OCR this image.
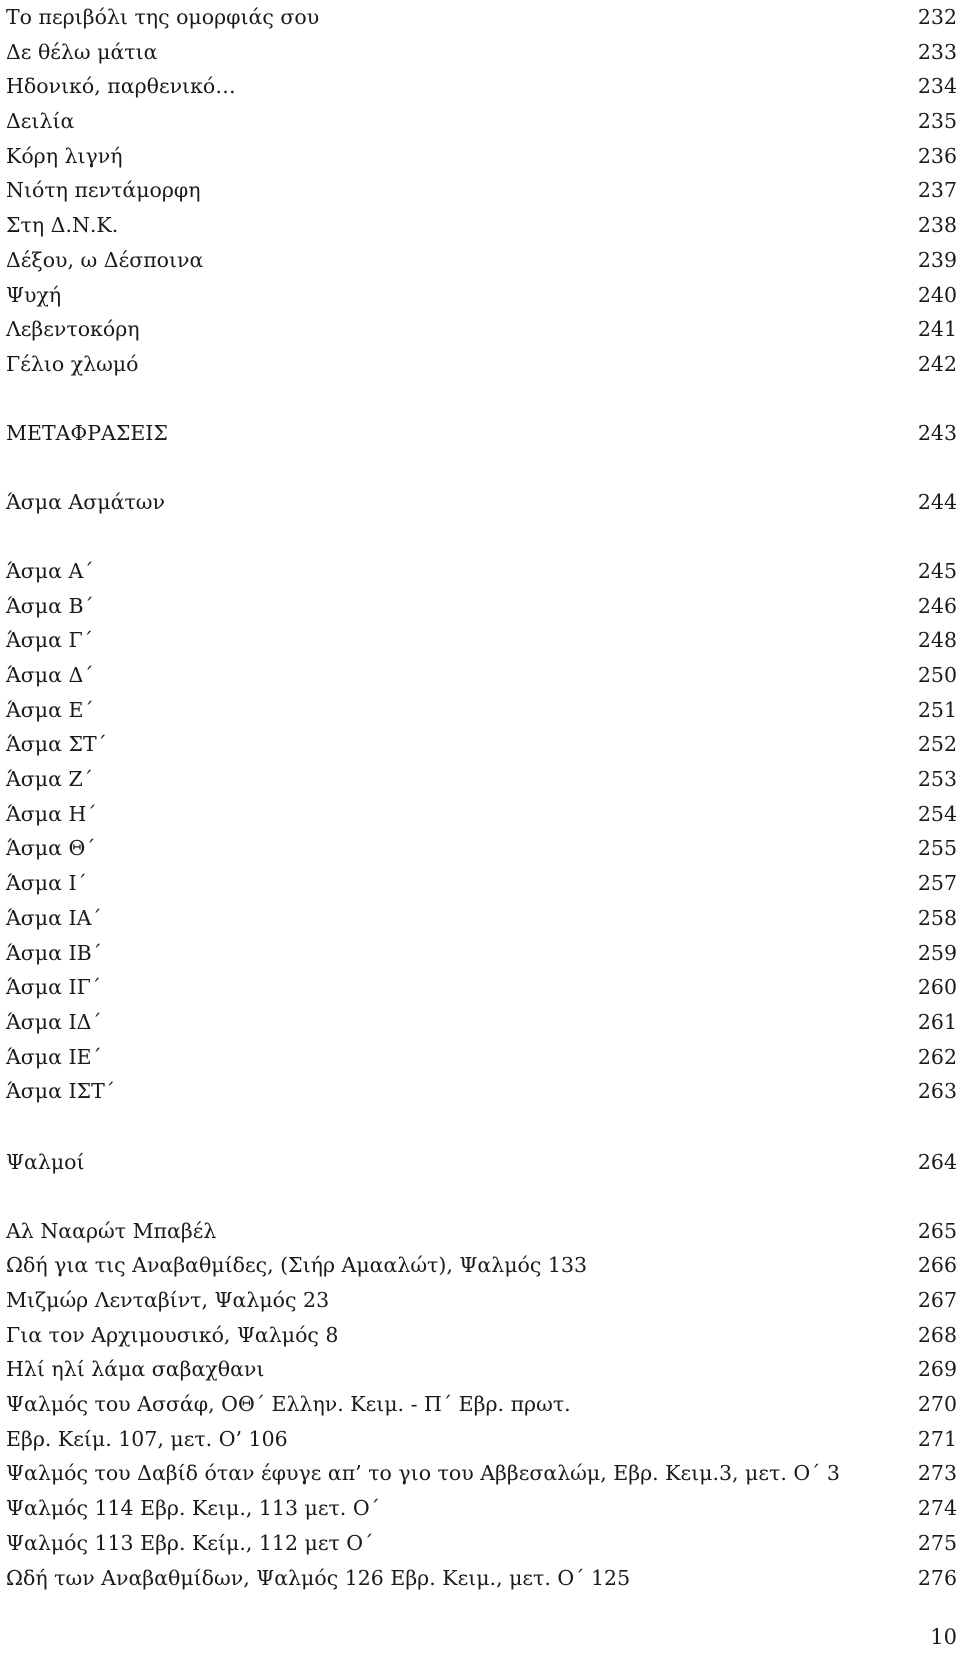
Το περιβόλι της ομορφιάς σου	232
Δε θέλω μάτια	233
Ηδονικό, παρθενικό…	234
Δειλία	235
Κόρη λιγνή	236
Νιότη πεντάμορφη	237
Στη Δ.Ν.Κ.	238
Δέξου, ω Δέσποινα	239
Ψυχή	240
Λεβεντοκόρη	241
Γέλιο χλωμό	242
ΜΕΤΑΦΡΑΣΕΙΣ	243
Άσμα Ασμάτων	244
Άσμα Α΄	245
Άσμα Β΄	246
Άσμα Γ΄	248
Άσμα Δ΄	250
Άσμα Ε΄	251
Άσμα ΣΤ΄	252
Άσμα Ζ΄	253
Άσμα Η΄	254
Άσμα Θ΄	255
Άσμα Ι΄	257
Άσμα ΙΑ΄	258
Άσμα ΙΒ΄	259
Άσμα ΙΓ΄	260
Άσμα ΙΔ΄	261
Άσμα ΙΕ΄	262
Άσμα ΙΣΤ΄	263
Ψαλμοί	264
Αλ Νααρώτ Μπαβέλ	265
Ωδή για τις Αναβαθμίδες, (Σιήρ Αμααλώτ), Ψαλμός 133	266
Μιζμώρ Λενταβίντ, Ψαλμός 23	267
Για τον Αρχιμουσικό, Ψαλμός 8	268
Ηλί ηλί λάμα σαβαχθανι	269
Ψαλμός του Ασσάφ, ΟΘ΄ Ελλην. Κειμ. - Π΄ Εβρ. πρωτ.	270
Εβρ. Κείμ. 107, μετ. Ο’ 106	271
Ψαλμός του Δαβίδ όταν έφυγε απ’ το γιο του Αββεσαλώμ, Εβρ. Κειμ.3, μετ. Ο΄ 3	273
Ψαλμός 114 Εβρ. Κειμ., 113 μετ. Ο΄	274
Ψαλμός 113 Εβρ. Κείμ., 112 μετ Ο΄	275
Ωδή των Αναβαθμίδων, Ψαλμός 126 Εβρ. Κειμ., μετ. Ο΄ 125	276
10
